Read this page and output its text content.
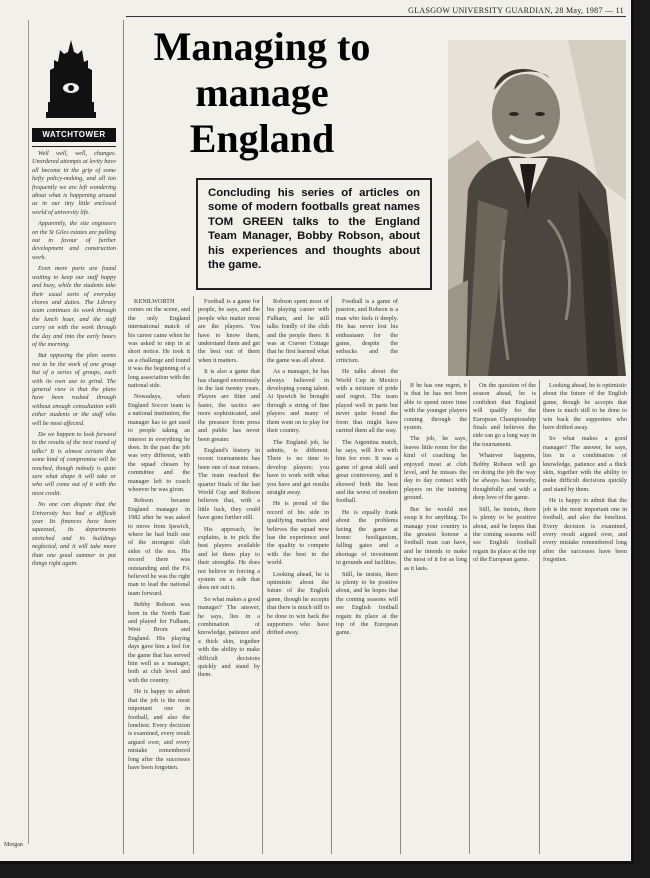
GLASGOW UNIVERSITY GUARDIAN, 28 May, 1987 — 11
WATCHTOWER

Well well, well, changes. Unordered attempts at levity have all become in the grip of some hefty policy-making, and all too frequently we are left wondering about what is happening around us in our tiny little enclosed world of university life.

Apparently, the site engineers on the St Giles estates are pulling out in favour of further development and construction work.

Even more parts are found waiting to keep our staff happy and busy, while the students take their usual sorts of everyday chores and duties. The Library team continues its work through the lunch hour, and the staff carry on with the work through the day and into the early hours of the morning.

But opposing the plan seems not to be the work of one group but of a series of groups, each with its own axe to grind. The general view is that the plans have been rushed through without enough consultation with either students or the staff who will be most affected.

Do we happen to look forward to the results of the next round of talks? It is almost certain that some kind of compromise will be reached, though nobody is quite sure what shape it will take or who will come out of it with the most credit.

No one can dispute that the University has had a difficult year. Its finances have been squeezed, its departments stretched and its buildings neglected, and it will take more than one good summer to put things right again.

Morgan
Managing to
manage
England
Concluding his series of articles on some of modern footballs great names TOM GREEN talks to the England Team Manager, Bobby Robson, about his experiences and thoughts about the game.

KENILWORTH comes on the scene, and the only England international match of his career came when he was asked to step in at short notice. He took it as a challenge and found it was the beginning of a long association with the national side.

Nowadays, when England Soccer team is a national institution, the manager has to get used to people taking an interest in everything he does. In the past the job was very different, with the squad chosen by committee and the manager left to coach whoever he was given.

Robson became England manager in 1982 after he was asked to move from Ipswich, where he had built one of the strongest club sides of the era. His record there was outstanding and the FA believed he was the right man to lead the national team forward.

Bobby Robson was born in the North East and played for Fulham, West Brom and England. His playing days gave him a feel for the game that has served him well as a manager, both at club level and with the country.

He is happy to admit that the job is the most important one in football, and also the loneliest. Every decision is examined, every result argued over, and every mistake remembered long after the successes have been forgotten.

Football is a game for people, he says, and the people who matter most are the players. You have to know them, understand them and get the best out of them when it matters.

It is also a game that has changed enormously in the last twenty years. Players are fitter and faster, the tactics are more sophisticated, and the pressure from press and public has never been greater.

England's history in recent tournaments has been one of near misses. The team reached the quarter finals of the last World Cup and Robson believes that, with a little luck, they could have gone further still.

His approach, he explains, is to pick the best players available and let them play to their strengths. He does not believe in forcing a system on a side that does not suit it.

So what makes a good manager? The answer, he says, lies in a combination of knowledge, patience and a thick skin, together with the ability to make difficult decisions quickly and stand by them.

Robson spent most of his playing career with Fulham, and he still talks fondly of the club and the people there. It was at Craven Cottage that he first learned what the game was all about.

As a manager, he has always believed in developing young talent. At Ipswich he brought through a string of fine players and many of them went on to play for their country.

The England job, he admits, is different. There is no time to develop players; you have to work with what you have and get results straight away.

He is proud of the record of his side in qualifying matches and believes the squad now has the experience and the quality to compete with the best in the world.

Looking ahead, he is optimistic about the future of the English game, though he accepts that there is much still to be done to win back the supporters who have drifted away.

Football is a game of passion, and Robson is a man who feels it deeply. He has never lost his enthusiasm for the game, despite the setbacks and the criticism.

He talks about the World Cup in Mexico with a mixture of pride and regret. The team played well in parts but never quite found the form that might have carried them all the way.

The Argentina match, he says, will live with him for ever. It was a game of great skill and great controversy, and it showed both the best and the worst of modern football.

He is equally frank about the problems facing the game at home: hooliganism, falling gates and a shortage of investment in grounds and facilities.

Still, he insists, there is plenty to be positive about, and he hopes that the coming seasons will see English football regain its place at the top of the European game.

If he has one regret, it is that he has not been able to spend more time with the younger players coming through the system.

The job, he says, leaves little room for the kind of coaching he enjoyed most at club level, and he misses the day to day contact with players on the training ground.

But he would not swap it for anything. To manage your country is the greatest honour a football man can have, and he intends to make the most of it for as long as it lasts.

On the question of the season ahead, he is confident that England will qualify for the European Championship finals and believes the side can go a long way in the tournament.

Whatever happens, Bobby Robson will go on doing the job the way he always has: honestly, thoughtfully and with a deep love of the game.

Still, he insists, there is plenty to be positive about, and he hopes that the coming seasons will see English football regain its place at the top of the European game.

Looking ahead, he is optimistic about the future of the English game, though he accepts that there is much still to be done to win back the supporters who have drifted away.

So what makes a good manager? The answer, he says, lies in a combination of knowledge, patience and a thick skin, together with the ability to make difficult decisions quickly and stand by them.

He is happy to admit that the job is the most important one in football, and also the loneliest. Every decision is examined, every result argued over, and every mistake remembered long after the successes have been forgotten.
